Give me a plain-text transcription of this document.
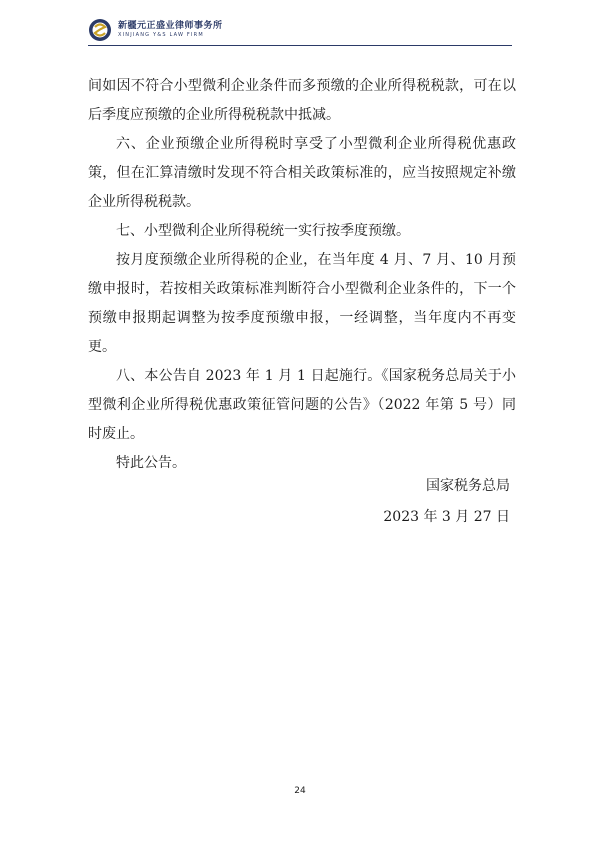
新疆元正盛业律师事务所
XINJIANG Y&S LAW FIRM

间如因不符合小型微利企业条件而多预缴的企业所得税税款，可在以后季度应预缴的企业所得税税款中抵减。

六、企业预缴企业所得税时享受了小型微利企业所得税优惠政策，但在汇算清缴时发现不符合相关政策标准的，应当按照规定补缴企业所得税税款。

七、小型微利企业所得税统一实行按季度预缴。

按月度预缴企业所得税的企业，在当年度 4 月、7 月、10 月预缴申报时，若按相关政策标准判断符合小型微利企业条件的，下一个预缴申报期起调整为按季度预缴申报，一经调整，当年度内不再变更。

八、本公告自 2023 年 1 月 1 日起施行。《国家税务总局关于小型微利企业所得税优惠政策征管问题的公告》（2022 年第 5 号）同时废止。

特此公告。

国家税务总局
2023 年 3 月 27 日
24
